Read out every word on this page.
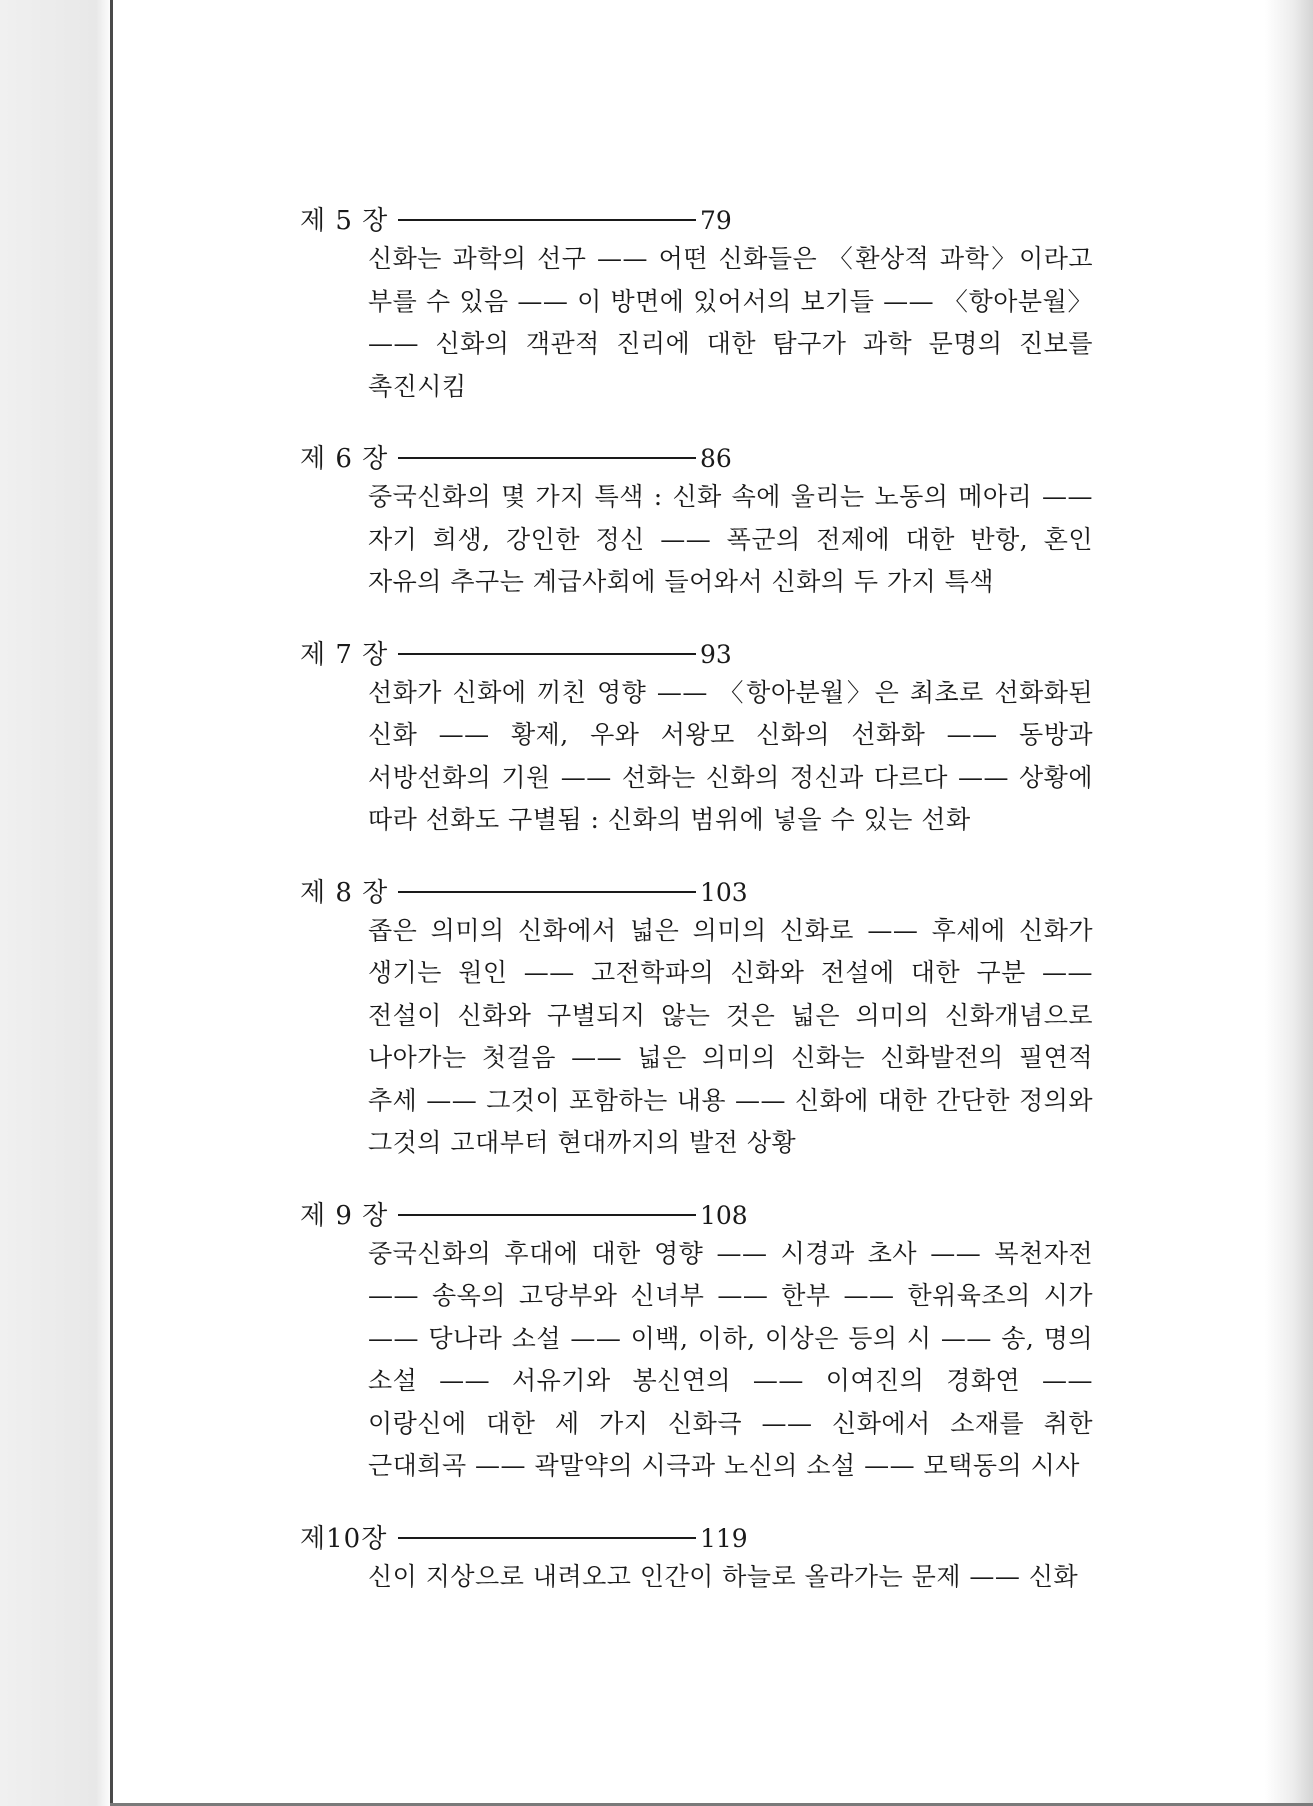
제 5 장	79
신화는 과학의 선구 —— 어떤 신화들은 〈환상적 과학〉이라고 부를 수 있음 —— 이 방면에 있어서의 보기들 —— 〈항아분월〉 —— 신화의 객관적 진리에 대한 탐구가 과학 문명의 진보를 촉진시킴
제 6 장	86
중국신화의 몇 가지 특색 : 신화 속에 울리는 노동의 메아리 —— 자기 희생, 강인한 정신 —— 폭군의 전제에 대한 반항, 혼인 자유의 추구는 계급사회에 들어와서 신화의 두 가지 특색
제 7 장	93
선화가 신화에 끼친 영향 —— 〈항아분월〉은 최초로 선화화된 신화 —— 황제, 우와 서왕모 신화의 선화화 —— 동방과 서방선화의 기원 —— 선화는 신화의 정신과 다르다 —— 상황에 따라 선화도 구별됨 : 신화의 범위에 넣을 수 있는 선화
제 8 장	103
좁은 의미의 신화에서 넓은 의미의 신화로 —— 후세에 신화가 생기는 원인 —— 고전학파의 신화와 전설에 대한 구분 —— 전설이 신화와 구별되지 않는 것은 넓은 의미의 신화개념으로 나아가는 첫걸음 —— 넓은 의미의 신화는 신화발전의 필연적 추세 —— 그것이 포함하는 내용 —— 신화에 대한 간단한 정의와 그것의 고대부터 현대까지의 발전 상황
제 9 장	108
중국신화의 후대에 대한 영향 —— 시경과 초사 —— 목천자전 —— 송옥의 고당부와 신녀부 —— 한부 —— 한위육조의 시가 —— 당나라 소설 —— 이백, 이하, 이상은 등의 시 —— 송, 명의 소설 —— 서유기와 봉신연의 —— 이여진의 경화연 —— 이랑신에 대한 세 가지 신화극 —— 신화에서 소재를 취한 근대희곡 —— 곽말약의 시극과 노신의 소설 —— 모택동의 시사
제10장	119
신이 지상으로 내려오고 인간이 하늘로 올라가는 문제 —— 신화
